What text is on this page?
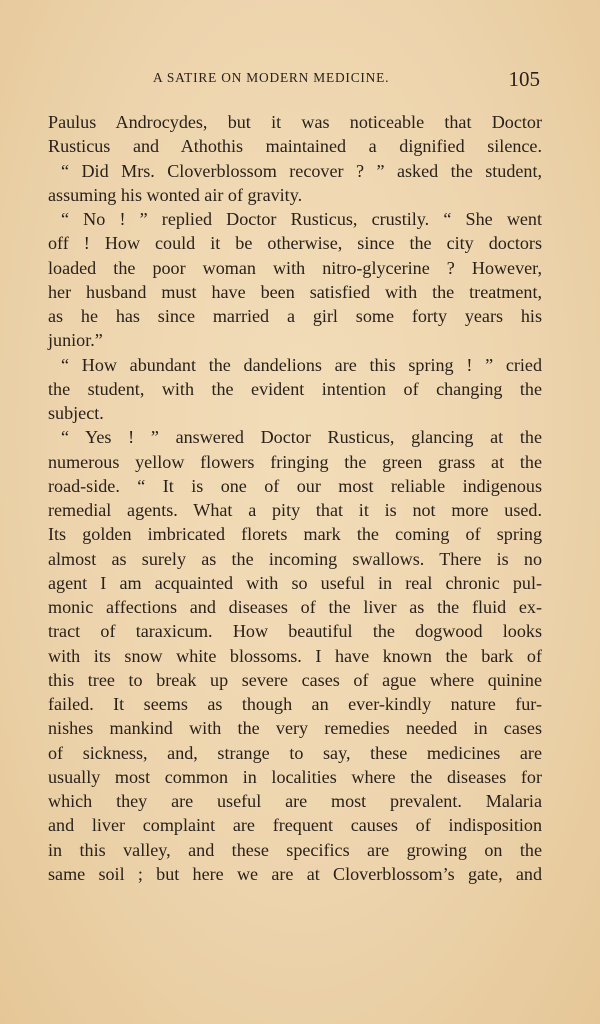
A SATIRE ON MODERN MEDICINE.	105
Paulus Androcydes, but it was noticeable that Doctor
Rusticus and Athothis maintained a dignified silence.
“ Did Mrs. Cloverblossom recover ? ” asked the student,
assuming his wonted air of gravity.
“ No ! ” replied Doctor Rusticus, crustily. “ She went
off ! How could it be otherwise, since the city doctors
loaded the poor woman with nitro-glycerine ? However,
her husband must have been satisfied with the treatment,
as he has since married a girl some forty years his
junior.”
“ How abundant the dandelions are this spring ! ” cried
the student, with the evident intention of changing the
subject.
“ Yes ! ” answered Doctor Rusticus, glancing at the
numerous yellow flowers fringing the green grass at the
road-side. “ It is one of our most reliable indigenous
remedial agents. What a pity that it is not more used.
Its golden imbricated florets mark the coming of spring
almost as surely as the incoming swallows. There is no
agent I am acquainted with so useful in real chronic pul-
monic affections and diseases of the liver as the fluid ex-
tract of taraxicum. How beautiful the dogwood looks
with its snow white blossoms. I have known the bark of
this tree to break up severe cases of ague where quinine
failed. It seems as though an ever-kindly nature fur-
nishes mankind with the very remedies needed in cases
of sickness, and, strange to say, these medicines are
usually most common in localities where the diseases for
which they are useful are most prevalent. Malaria
and liver complaint are frequent causes of indisposition
in this valley, and these specifics are growing on the
same soil ; but here we are at Cloverblossom’s gate, and
